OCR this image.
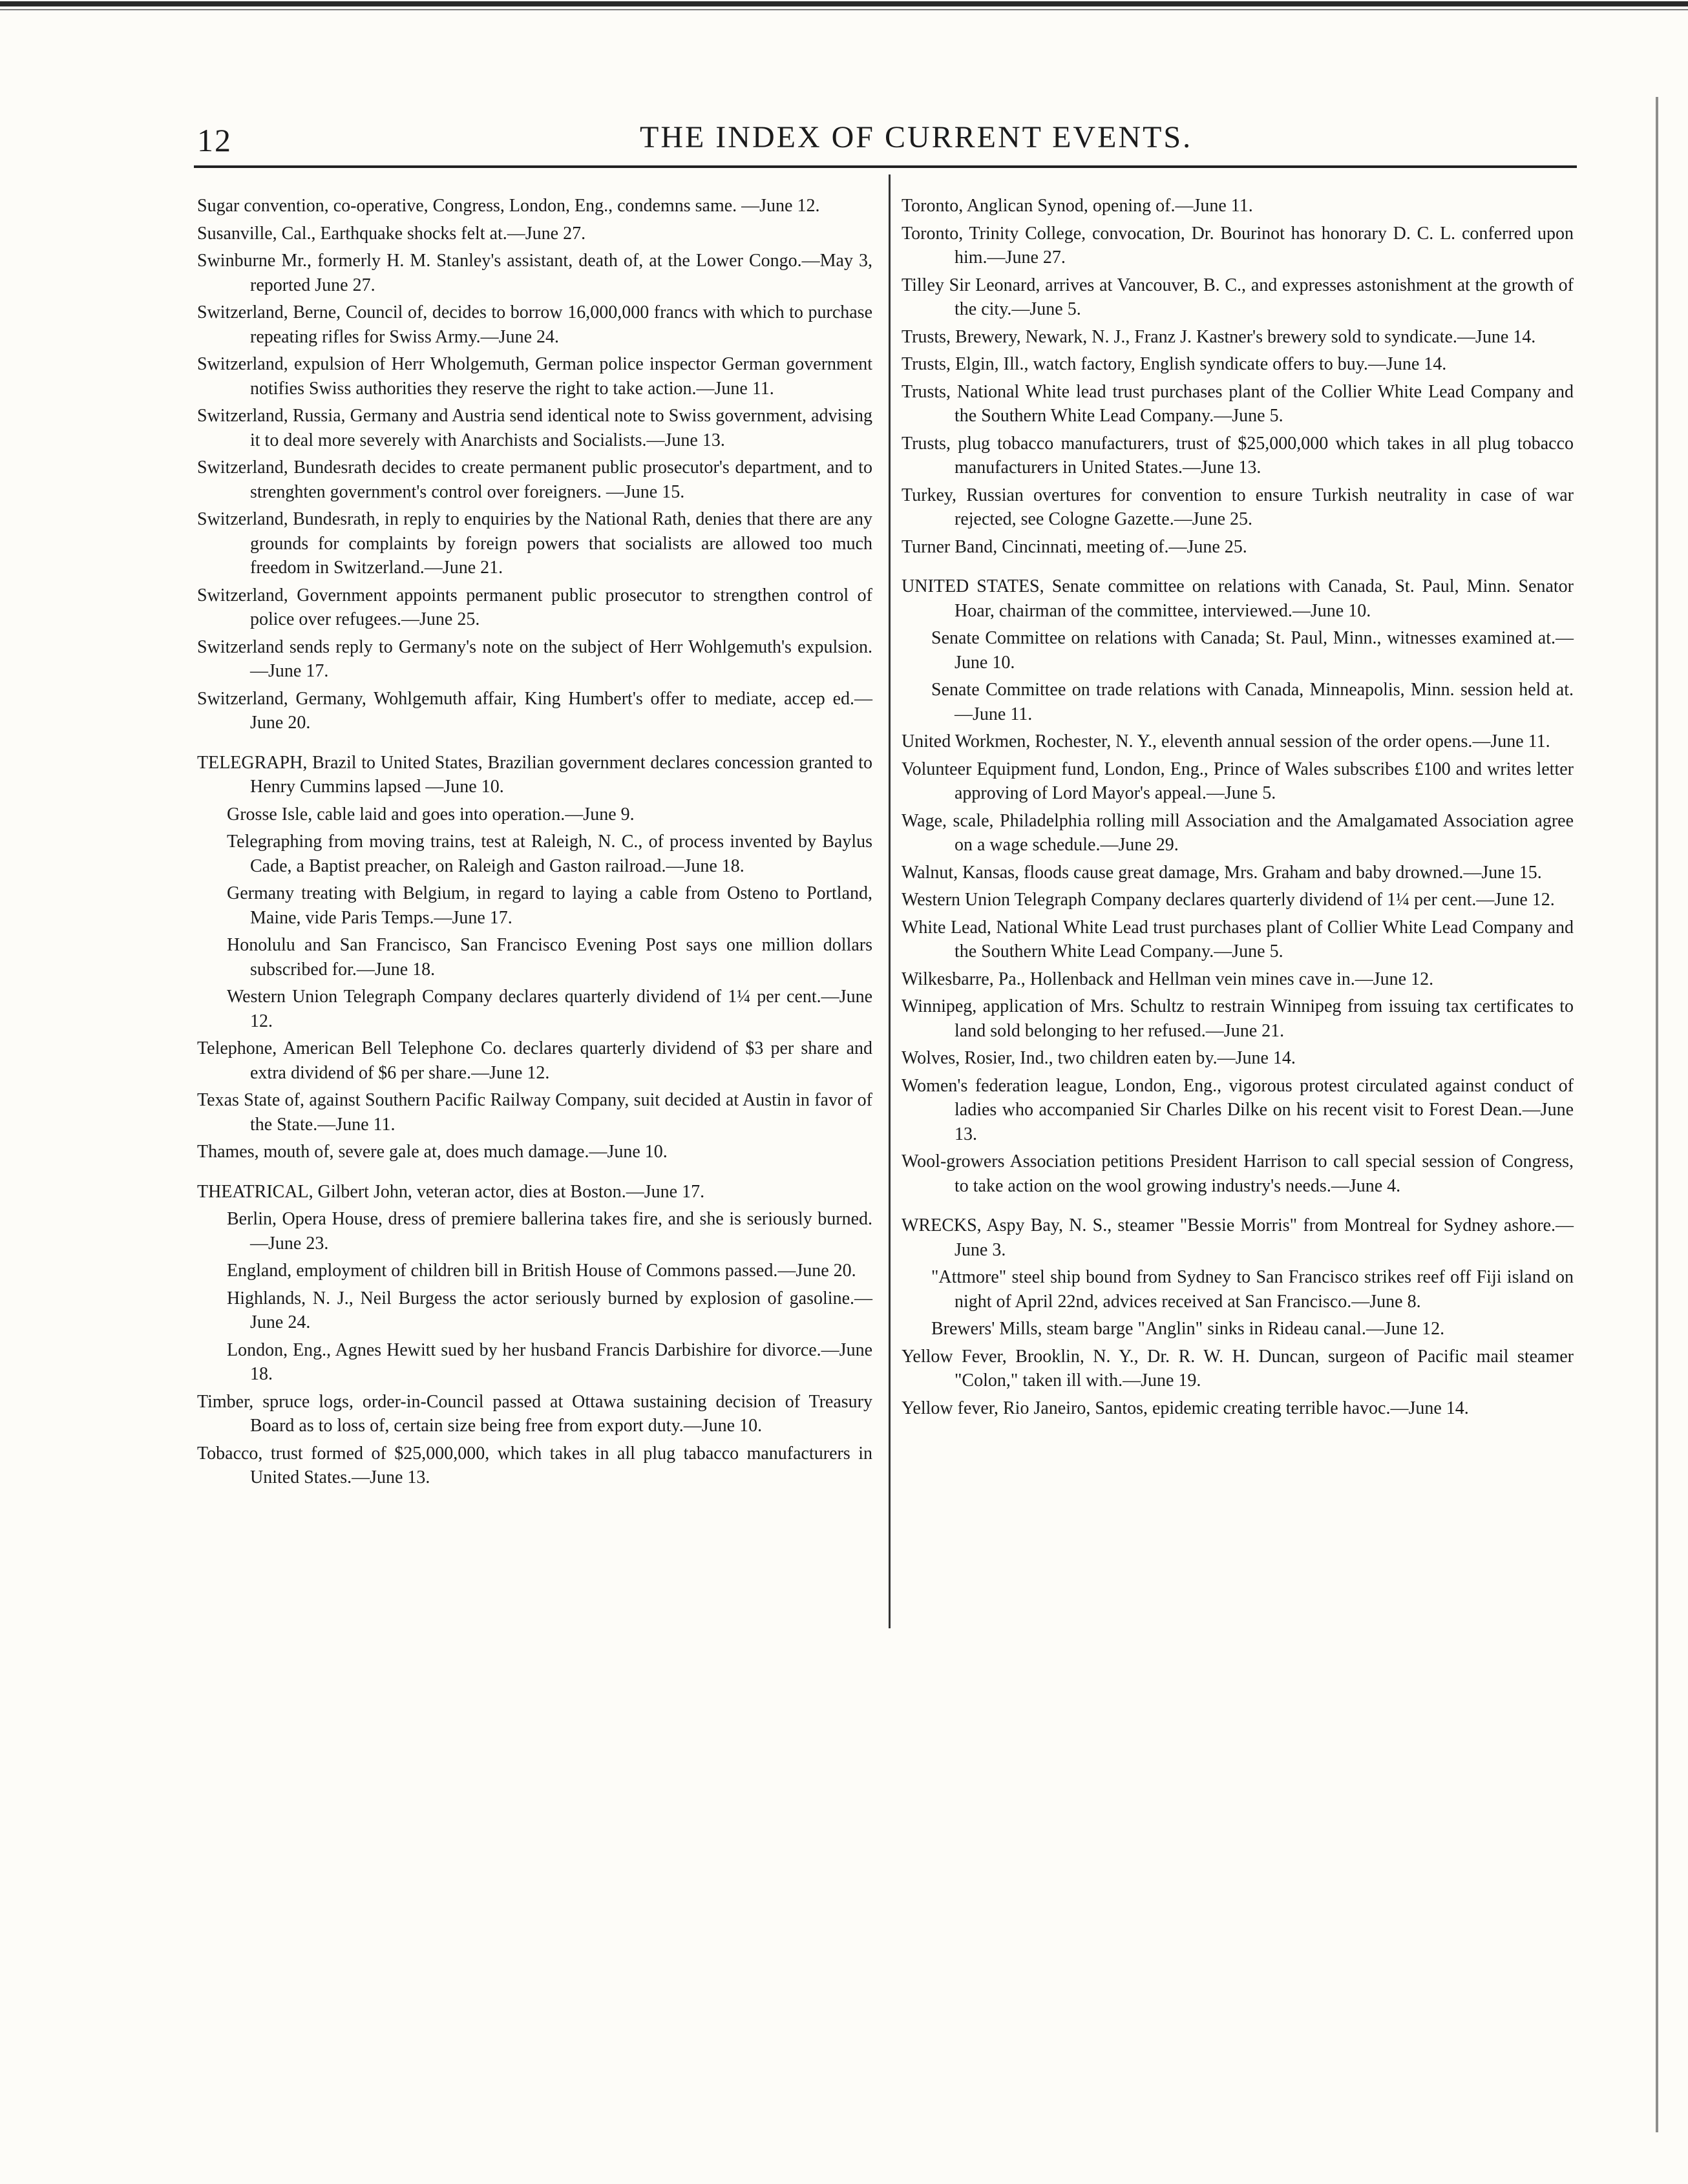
12	THE INDEX OF CURRENT EVENTS.

Sugar convention, co-operative, Congress, London, Eng., condemns same. —June 12.

Susanville, Cal., Earthquake shocks felt at.—June 27.

Swinburne Mr., formerly H. M. Stanley's assistant, death of, at the Lower Congo.—May 3, reported June 27.

Switzerland, Berne, Council of, decides to borrow 16,000,000 francs with which to purchase repeating rifles for Swiss Army.—June 24.

Switzerland, expulsion of Herr Wholgemuth, German police inspector German government notifies Swiss authorities they reserve the right to take action.—June 11.

Switzerland, Russia, Germany and Austria send identical note to Swiss government, advising it to deal more severely with Anarchists and Socialists.—June 13.

Switzerland, Bundesrath decides to create permanent public prosecutor's department, and to strenghten government's control over foreigners. —June 15.

Switzerland, Bundesrath, in reply to enquiries by the National Rath, denies that there are any grounds for complaints by foreign powers that socialists are allowed too much freedom in Switzerland.—June 21.

Switzerland, Government appoints permanent public prosecutor to strengthen control of police over refugees.—June 25.

Switzerland sends reply to Germany's note on the subject of Herr Wohlgemuth's expulsion.—June 17.

Switzerland, Germany, Wohlgemuth affair, King Humbert's offer to mediate, accep ed.—June 20.

TELEGRAPH, Brazil to United States, Brazilian government declares concession granted to Henry Cummins lapsed —June 10.

Grosse Isle, cable laid and goes into operation.—June 9.

Telegraphing from moving trains, test at Raleigh, N. C., of process invented by Baylus Cade, a Baptist preacher, on Raleigh and Gaston railroad.—June 18.

Germany treating with Belgium, in regard to laying a cable from Osteno to Portland, Maine, vide Paris Temps.—June 17.

Honolulu and San Francisco, San Francisco Evening Post says one million dollars subscribed for.—June 18.

Western Union Telegraph Company declares quarterly dividend of 1¼ per cent.—June 12.

Telephone, American Bell Telephone Co. declares quarterly dividend of $3 per share and extra dividend of $6 per share.—June 12.

Texas State of, against Southern Pacific Railway Company, suit decided at Austin in favor of the State.—June 11.

Thames, mouth of, severe gale at, does much damage.—June 10.

THEATRICAL, Gilbert John, veteran actor, dies at Boston.—June 17.

Berlin, Opera House, dress of premiere ballerina takes fire, and she is seriously burned.—June 23.

England, employment of children bill in British House of Commons passed.—June 20.

Highlands, N. J., Neil Burgess the actor seriously burned by explosion of gasoline.—June 24.

London, Eng., Agnes Hewitt sued by her husband Francis Darbishire for divorce.—June 18.

Timber, spruce logs, order-in-Council passed at Ottawa sustaining decision of Treasury Board as to loss of, certain size being free from export duty.—June 10.

Tobacco, trust formed of $25,000,000, which takes in all plug tabacco manufacturers in United States.—June 13.

Toronto, Anglican Synod, opening of.—June 11.

Toronto, Trinity College, convocation, Dr. Bourinot has honorary D. C. L. conferred upon him.—June 27.

Tilley Sir Leonard, arrives at Vancouver, B. C., and expresses astonishment at the growth of the city.—June 5.

Trusts, Brewery, Newark, N. J., Franz J. Kastner's brewery sold to syndicate.—June 14.

Trusts, Elgin, Ill., watch factory, English syndicate offers to buy.—June 14.

Trusts, National White lead trust purchases plant of the Collier White Lead Company and the Southern White Lead Company.—June 5.

Trusts, plug tobacco manufacturers, trust of $25,000,000 which takes in all plug tobacco manufacturers in United States.—June 13.

Turkey, Russian overtures for convention to ensure Turkish neutrality in case of war rejected, see Cologne Gazette.—June 25.

Turner Band, Cincinnati, meeting of.—June 25.

UNITED STATES, Senate committee on relations with Canada, St. Paul, Minn. Senator Hoar, chairman of the committee, interviewed.—June 10.

Senate Committee on relations with Canada; St. Paul, Minn., witnesses examined at.—June 10.

Senate Committee on trade relations with Canada, Minneapolis, Minn. session held at.—June 11.

United Workmen, Rochester, N. Y., eleventh annual session of the order opens.—June 11.

Volunteer Equipment fund, London, Eng., Prince of Wales subscribes £100 and writes letter approving of Lord Mayor's appeal.—June 5.

Wage, scale, Philadelphia rolling mill Association and the Amalgamated Association agree on a wage schedule.—June 29.

Walnut, Kansas, floods cause great damage, Mrs. Graham and baby drowned.—June 15.

Western Union Telegraph Company declares quarterly dividend of 1¼ per cent.—June 12.

White Lead, National White Lead trust purchases plant of Collier White Lead Company and the Southern White Lead Company.—June 5.

Wilkesbarre, Pa., Hollenback and Hellman vein mines cave in.—June 12.

Winnipeg, application of Mrs. Schultz to restrain Winnipeg from issuing tax certificates to land sold belonging to her refused.—June 21.

Wolves, Rosier, Ind., two children eaten by.—June 14.

Women's federation league, London, Eng., vigorous protest circulated against conduct of ladies who accompanied Sir Charles Dilke on his recent visit to Forest Dean.—June 13.

Wool-growers Association petitions President Harrison to call special session of Congress, to take action on the wool growing industry's needs.—June 4.

WRECKS, Aspy Bay, N. S., steamer "Bessie Morris" from Montreal for Sydney ashore.—June 3.

"Attmore" steel ship bound from Sydney to San Francisco strikes reef off Fiji island on night of April 22nd, advices received at San Francisco.—June 8.

Brewers' Mills, steam barge "Anglin" sinks in Rideau canal.—June 12.

Yellow Fever, Brooklin, N. Y., Dr. R. W. H. Duncan, surgeon of Pacific mail steamer "Colon," taken ill with.—June 19.

Yellow fever, Rio Janeiro, Santos, epidemic creating terrible havoc.—June 14.
